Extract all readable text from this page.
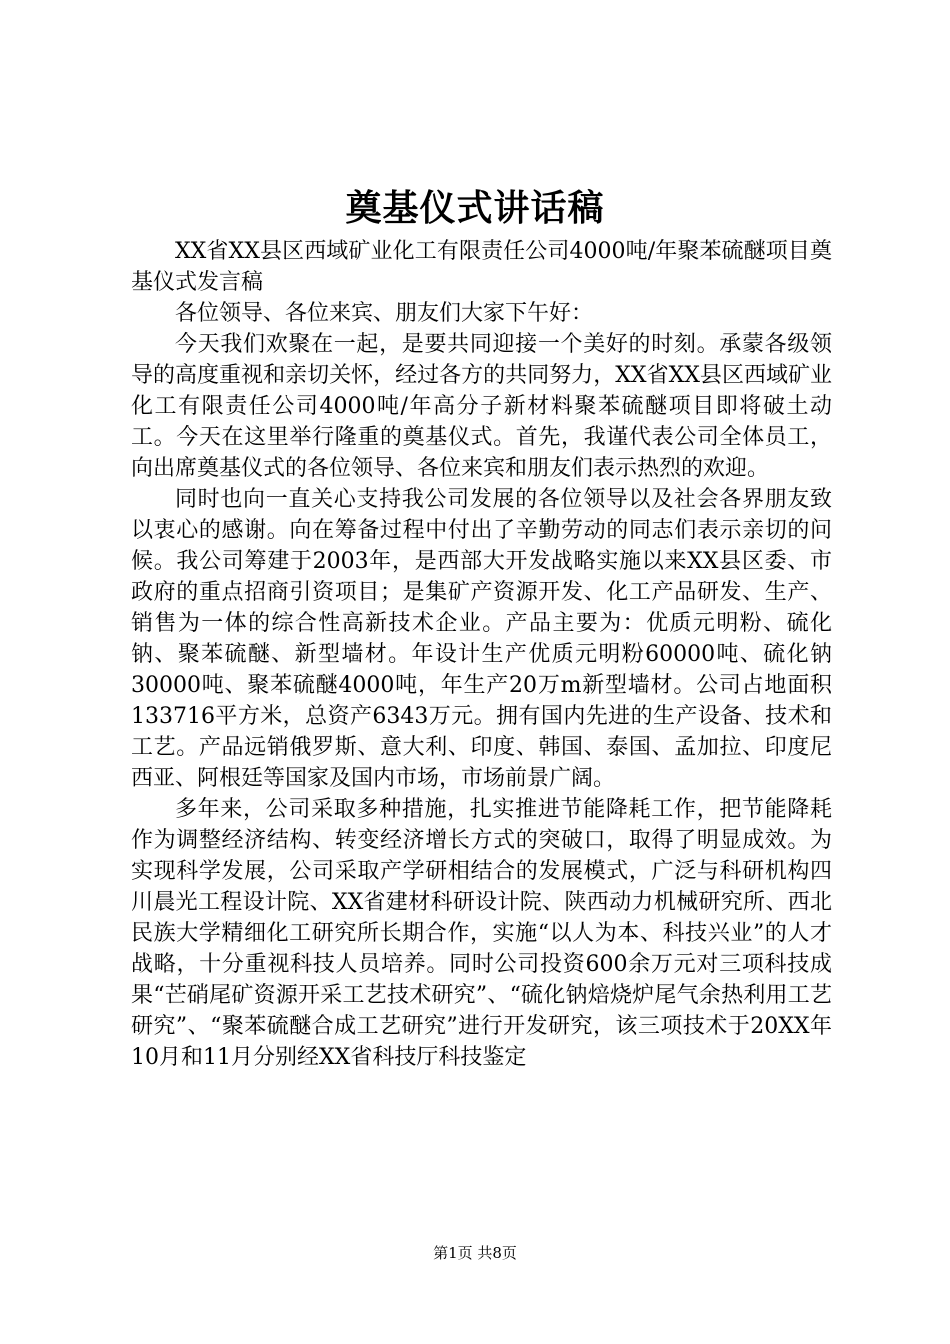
奠基仪式讲话稿

XX省XX县区西域矿业化工有限责任公司4000吨/年聚苯硫醚项目奠基仪式发言稿

各位领导、各位来宾、朋友们大家下午好：

今天我们欢聚在一起，是要共同迎接一个美好的时刻。承蒙各级领导的高度重视和亲切关怀，经过各方的共同努力，XX省XX县区西域矿业化工有限责任公司4000吨/年高分子新材料聚苯硫醚项目即将破土动工。今天在这里举行隆重的奠基仪式。首先，我谨代表公司全体员工，向出席奠基仪式的各位领导、各位来宾和朋友们表示热烈的欢迎。

同时也向一直关心支持我公司发展的各位领导以及社会各界朋友致以衷心的感谢。向在筹备过程中付出了辛勤劳动的同志们表示亲切的问候。我公司筹建于2003年，是西部大开发战略实施以来XX县区委、市政府的重点招商引资项目；是集矿产资源开发、化工产品研发、生产、销售为一体的综合性高新技术企业。产品主要为：优质元明粉、硫化钠、聚苯硫醚、新型墙材。年设计生产优质元明粉60000吨、硫化钠30000吨、聚苯硫醚4000吨，年生产20万m新型墙材。公司占地面积133716平方米，总资产6343万元。拥有国内先进的生产设备、技术和工艺。产品远销俄罗斯、意大利、印度、韩国、泰国、孟加拉、印度尼西亚、阿根廷等国家及国内市场，市场前景广阔。

多年来，公司采取多种措施，扎实推进节能降耗工作，把节能降耗作为调整经济结构、转变经济增长方式的突破口，取得了明显成效。为实现科学发展，公司采取产学研相结合的发展模式，广泛与科研机构四川晨光工程设计院、XX省建材科研设计院、陕西动力机械研究所、西北民族大学精细化工研究所长期合作，实施“以人为本、科技兴业”的人才战略，十分重视科技人员培养。同时公司投资600余万元对三项科技成果“芒硝尾矿资源开采工艺技术研究”、“硫化钠焙烧炉尾气余热利用工艺研究”、“聚苯硫醚合成工艺研究”进行开发研究，该三项技术于20XX年10月和11月分别经XX省科技厅科技鉴定

第1页 共8页
